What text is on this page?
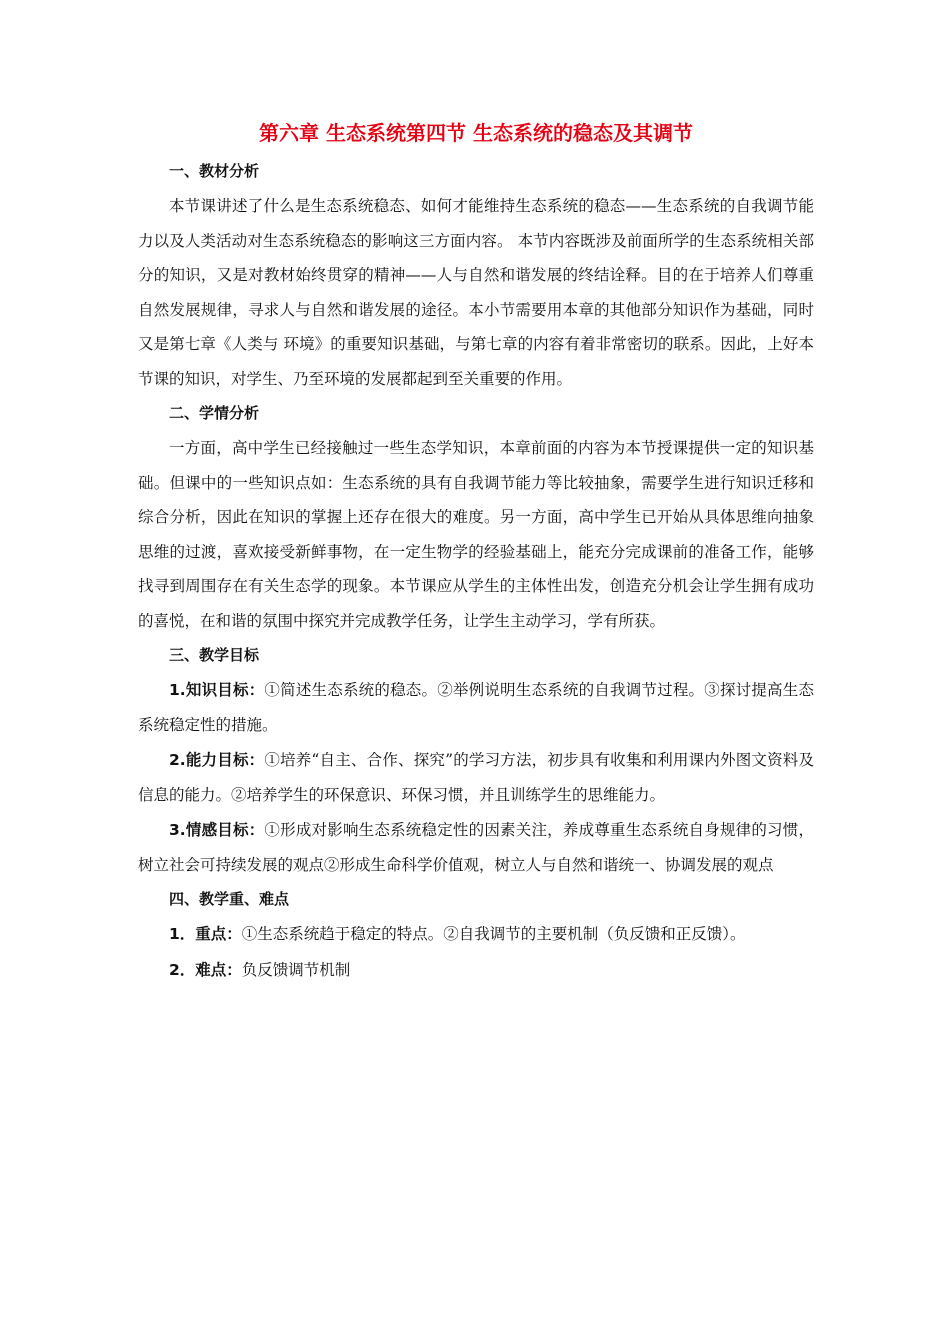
第六章 生态系统第四节 生态系统的稳态及其调节
一、教材分析

本节课讲述了什么是生态系统稳态、如何才能维持生态系统的稳态——生态系统的自我调节能力以及人类活动对生态系统稳态的影响这三方面内容。 本节内容既涉及前面所学的生态系统相关部分的知识，又是对教材始终贯穿的精神——人与自然和谐发展的终结诠释。目的在于培养人们尊重自然发展规律，寻求人与自然和谐发展的途径。本小节需要用本章的其他部分知识作为基础，同时又是第七章《人类与 环境》的重要知识基础，与第七章的内容有着非常密切的联系。因此，上好本节课的知识，对学生、乃至环境的发展都起到至关重要的作用。

二、学情分析

一方面，高中学生已经接触过一些生态学知识，本章前面的内容为本节授课提供一定的知识基础。但课中的一些知识点如：生态系统的具有自我调节能力等比较抽象，需要学生进行知识迁移和综合分析，因此在知识的掌握上还存在很大的难度。另一方面，高中学生已开始从具体思维向抽象思维的过渡，喜欢接受新鲜事物，在一定生物学的经验基础上，能充分完成课前的准备工作，能够找寻到周围存在有关生态学的现象。本节课应从学生的主体性出发，创造充分机会让学生拥有成功的喜悦，在和谐的氛围中探究并完成教学任务，让学生主动学习，学有所获。

三、教学目标

1.知识目标：①简述生态系统的稳态。②举例说明生态系统的自我调节过程。③探讨提高生态系统稳定性的措施。

2.能力目标：①培养“自主、合作、探究”的学习方法，初步具有收集和利用课内外图文资料及信息的能力。②培养学生的环保意识、环保习惯，并且训练学生的思维能力。

3.情感目标：①形成对影响生态系统稳定性的因素关注，养成尊重生态系统自身规律的习惯，树立社会可持续发展的观点②形成生命科学价值观，树立人与自然和谐统一、协调发展的观点

四、教学重、难点

1．重点：①生态系统趋于稳定的特点。②自我调节的主要机制（负反馈和正反馈）。

2．难点：负反馈调节机制
